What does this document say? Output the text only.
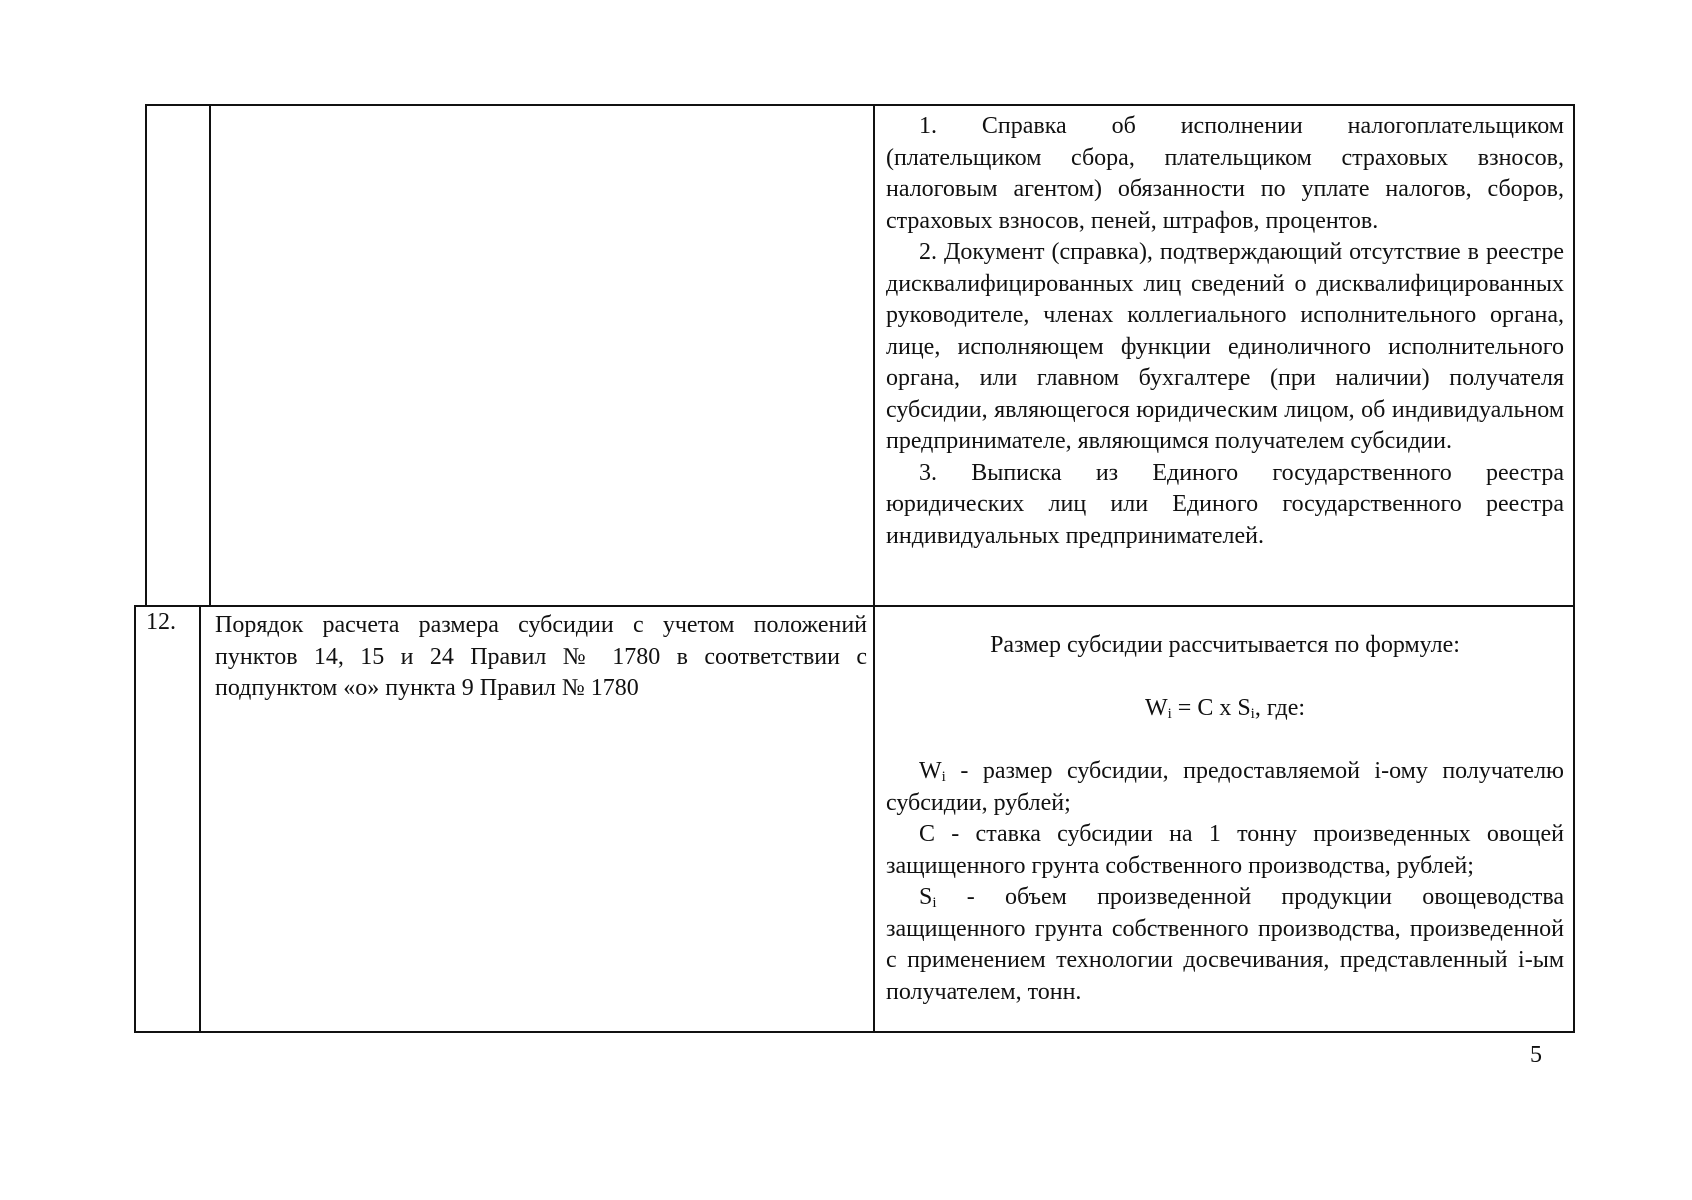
1. Справка об исполнении налогоплательщиком (плательщиком сбора, плательщиком страховых взносов, налоговым агентом) обязанности по уплате налогов, сборов, страховых взносов, пеней, штрафов, процентов.

2. Документ (справка), подтверждающий отсутствие в реестре дисквалифицированных лиц сведений о дисквалифицированных руководителе, членах коллегиального исполнительного органа, лице, исполняющем функции единоличного исполнительного органа, или главном бухгалтере (при наличии) получателя субсидии, являющегося юридическим лицом, об индивидуальном предпринимателе, являющимся получателем субсидии.

3. Выписка из Единого государственного реестра юридических лиц или Единого государственного реестра индивидуальных предпринимателей.

12.	Порядок расчета размера субсидии с учетом положений пунктов 14, 15 и 24 Правил № 1780 в соответствии с подпунктом «о» пункта 9 Правил № 1780

Размер субсидии рассчитывается по формуле:

$W_i = C$ x $S_i$, где:

$W_i$ - размер субсидии, предоставляемой i-ому получателю субсидии, рублей;

C - ставка субсидии на 1 тонну произведенных овощей защищенного грунта собственного производства, рублей;

$S_i$ - объем произведенной продукции овощеводства защищенного грунта собственного производства, произведенной с применением технологии досвечивания, представленный i-ым получателем, тонн.

5
